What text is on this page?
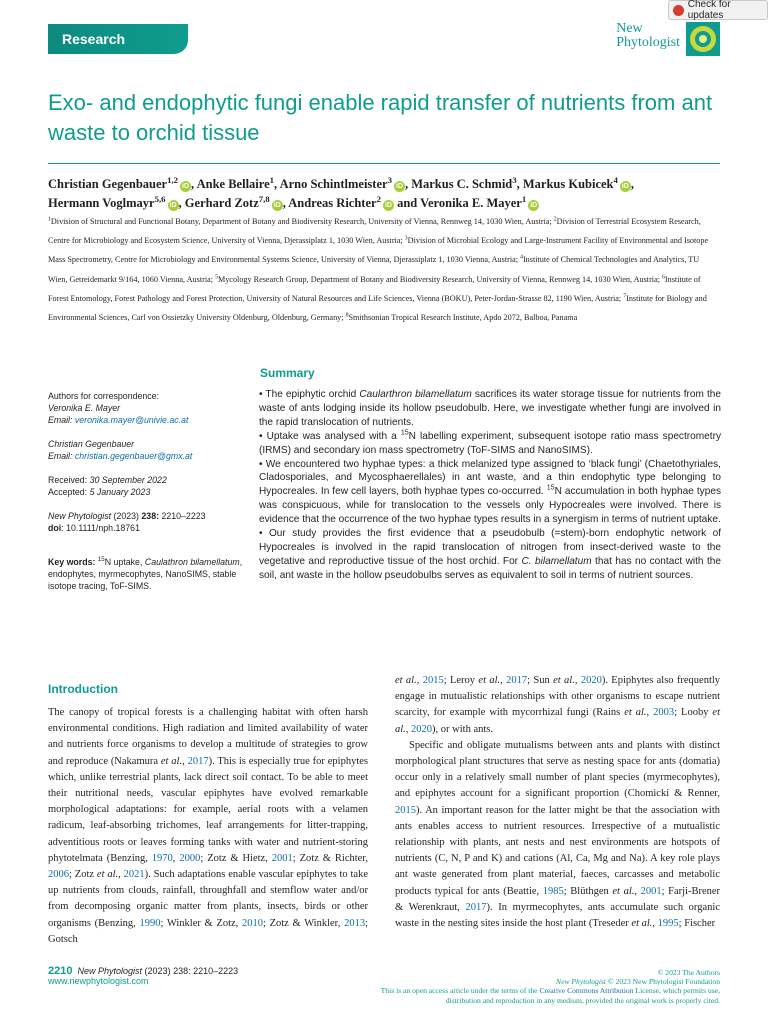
Research
Check for updates
New
Phytologist
Exo- and endophytic fungi enable rapid transfer of nutrients from ant waste to orchid tissue
Christian Gegenbauer$^{1,2}$iD , Anke Bellaire$^1$, Arno Schintlmeister$^3$iD , Markus C. Schmid$^3$, Markus Kubicek$^4$iD ,
Hermann Voglmayr$^{5,6}$iD , Gerhard Zotz$^{7,8}$iD , Andreas Richter$^2$iD and Veronika E. Mayer$^1$iD
$^1$Division of Structural and Functional Botany, Department of Botany and Biodiversity Research, University of Vienna, Rennweg 14, 1030 Wien, Austria; $^2$Division of Terrestrial Ecosystem Research, Centre for Microbiology and Ecosystem Science, University of Vienna, Djerassiplatz 1, 1030 Wien, Austria; $^3$Division of Microbial Ecology and Large-Instrument Facility of Environmental and Isotope Mass Spectrometry, Centre for Microbiology and Environmental Systems Science, University of Vienna, Djerassiplatz 1, 1030 Vienna, Austria; $^4$Institute of Chemical Technologies and Analytics, TU Wien, Getreidemarkt 9/164, 1060 Vienna, Austria; $^5$Mycology Research Group, Department of Botany and Biodiversity Research, University of Vienna, Rennweg 14, 1030 Wien, Austria; $^6$Institute of Forest Entomology, Forest Pathology and Forest Protection, University of Natural Resources and Life Sciences, Vienna (BOKU), Peter-Jordan-Strasse 82, 1190 Wien, Austria; $^7$Institute for Biology and Environmental Sciences, Carl von Ossietzky University Oldenburg, Oldenburg, Germany; $^8$Smithsonian Tropical Research Institute, Apdo 2072, Balboa, Panama

Authors for correspondence:

Veronika E. Mayer

Email: veronika.mayer@univie.ac.at

Christian Gegenbauer

Email: christian.gegenbauer@gmx.at

Received: 30 September 2022

Accepted: 5 January 2023

New Phytologist (2023) 238: 2210–2223

doi: 10.1111/nph.18761

Key words: $^{15}$N uptake, Caulathron bilamellatum, endophytes, myrmecophytes, NanoSIMS, stable isotope tracing, ToF-SIMS.

Summary

• The epiphytic orchid Caularthron bilamellatum sacrifices its water storage tissue for nutrients from the waste of ants lodging inside its hollow pseudobulb. Here, we investigate whether fungi are involved in the rapid translocation of nutrients.

• Uptake was analysed with a $^{15}$N labelling experiment, subsequent isotope ratio mass spectrometry (IRMS) and secondary ion mass spectrometry (ToF-SIMS and NanoSIMS).

• We encountered two hyphae types: a thick melanized type assigned to ‘black fungi’ (Chaetothyriales, Cladosporiales, and Mycosphaerellales) in ant waste, and a thin endophytic type belonging to Hypocreales. In few cell layers, both hyphae types co-occurred. $^{15}$N accumulation in both hyphae types was conspicuous, while for translocation to the vessels only Hypocreales were involved. There is evidence that the occurrence of the two hyphae types results in a synergism in terms of nutrient uptake.

• Our study provides the first evidence that a pseudobulb (=stem)-born endophytic network of Hypocreales is involved in the rapid translocation of nitrogen from insect-derived waste to the vegetative and reproductive tissue of the host orchid. For C. bilamellatum that has no contact with the soil, ant waste in the hollow pseudobulbs serves as equivalent to soil in terms of nutrient sources.

Introduction

The canopy of tropical forests is a challenging habitat with often harsh environmental conditions. High radiation and limited availability of water and nutrients force organisms to develop a multitude of strategies to grow and reproduce (Nakamura et al., 2017). This is especially true for epiphytes which, unlike terrestrial plants, lack direct soil contact. To be able to meet their nutritional needs, vascular epiphytes have evolved remarkable morphological adaptations: for example, aerial roots with a velamen radicum, leaf-absorbing trichomes, leaf arrangements for litter-trapping, adventitious roots or leaves forming tanks with water and nutrient-storing phytotelmata (Benzing, 1970, 2000; Zotz & Hietz, 2001; Zotz & Richter, 2006; Zotz et al., 2021). Such adaptations enable vascular epiphytes to take up nutrients from clouds, rainfall, throughfall and stemflow water and/or from decomposing organic matter from plants, insects, birds or other organisms (Benzing, 1990; Winkler & Zotz, 2010; Zotz & Winkler, 2013; Gotsch

et al., 2015; Leroy et al., 2017; Sun et al., 2020). Epiphytes also frequently engage in mutualistic relationships with other organisms to escape nutrient scarcity, for example with mycorrhizal fungi (Rains et al., 2003; Looby et al., 2020), or with ants.

Specific and obligate mutualisms between ants and plants with distinct morphological plant structures that serve as nesting space for ants (domatia) occur only in a relatively small number of plant species (myrmecophytes), and epiphytes account for a significant proportion (Chomicki & Renner, 2015). An important reason for the latter might be that the association with ants enables access to nutrient resources. Irrespective of a mutualistic relationship with plants, ant nests and nest environments are hotspots of nutrients (C, N, P and K) and cations (Al, Ca, Mg and Na). A key role plays ant waste generated from plant material, faeces, carcasses and metabolic products typical for ants (Beattie, 1985; Blüthgen et al., 2001; Farji-Brener & Werenkraut, 2017). In myrmecophytes, ants accumulate such organic waste in the nesting sites inside the host plant (Treseder et al., 1995; Fischer

2210 New Phytologist (2023) 238: 2210–2223
www.newphytologist.com
© 2023 The Authors
New Phytologist © 2023 New Phytologist Foundation
This is an open access article under the terms of the Creative Commons Attribution License, which permits use,
distribution and reproduction in any medium, provided the original work is properly cited.
